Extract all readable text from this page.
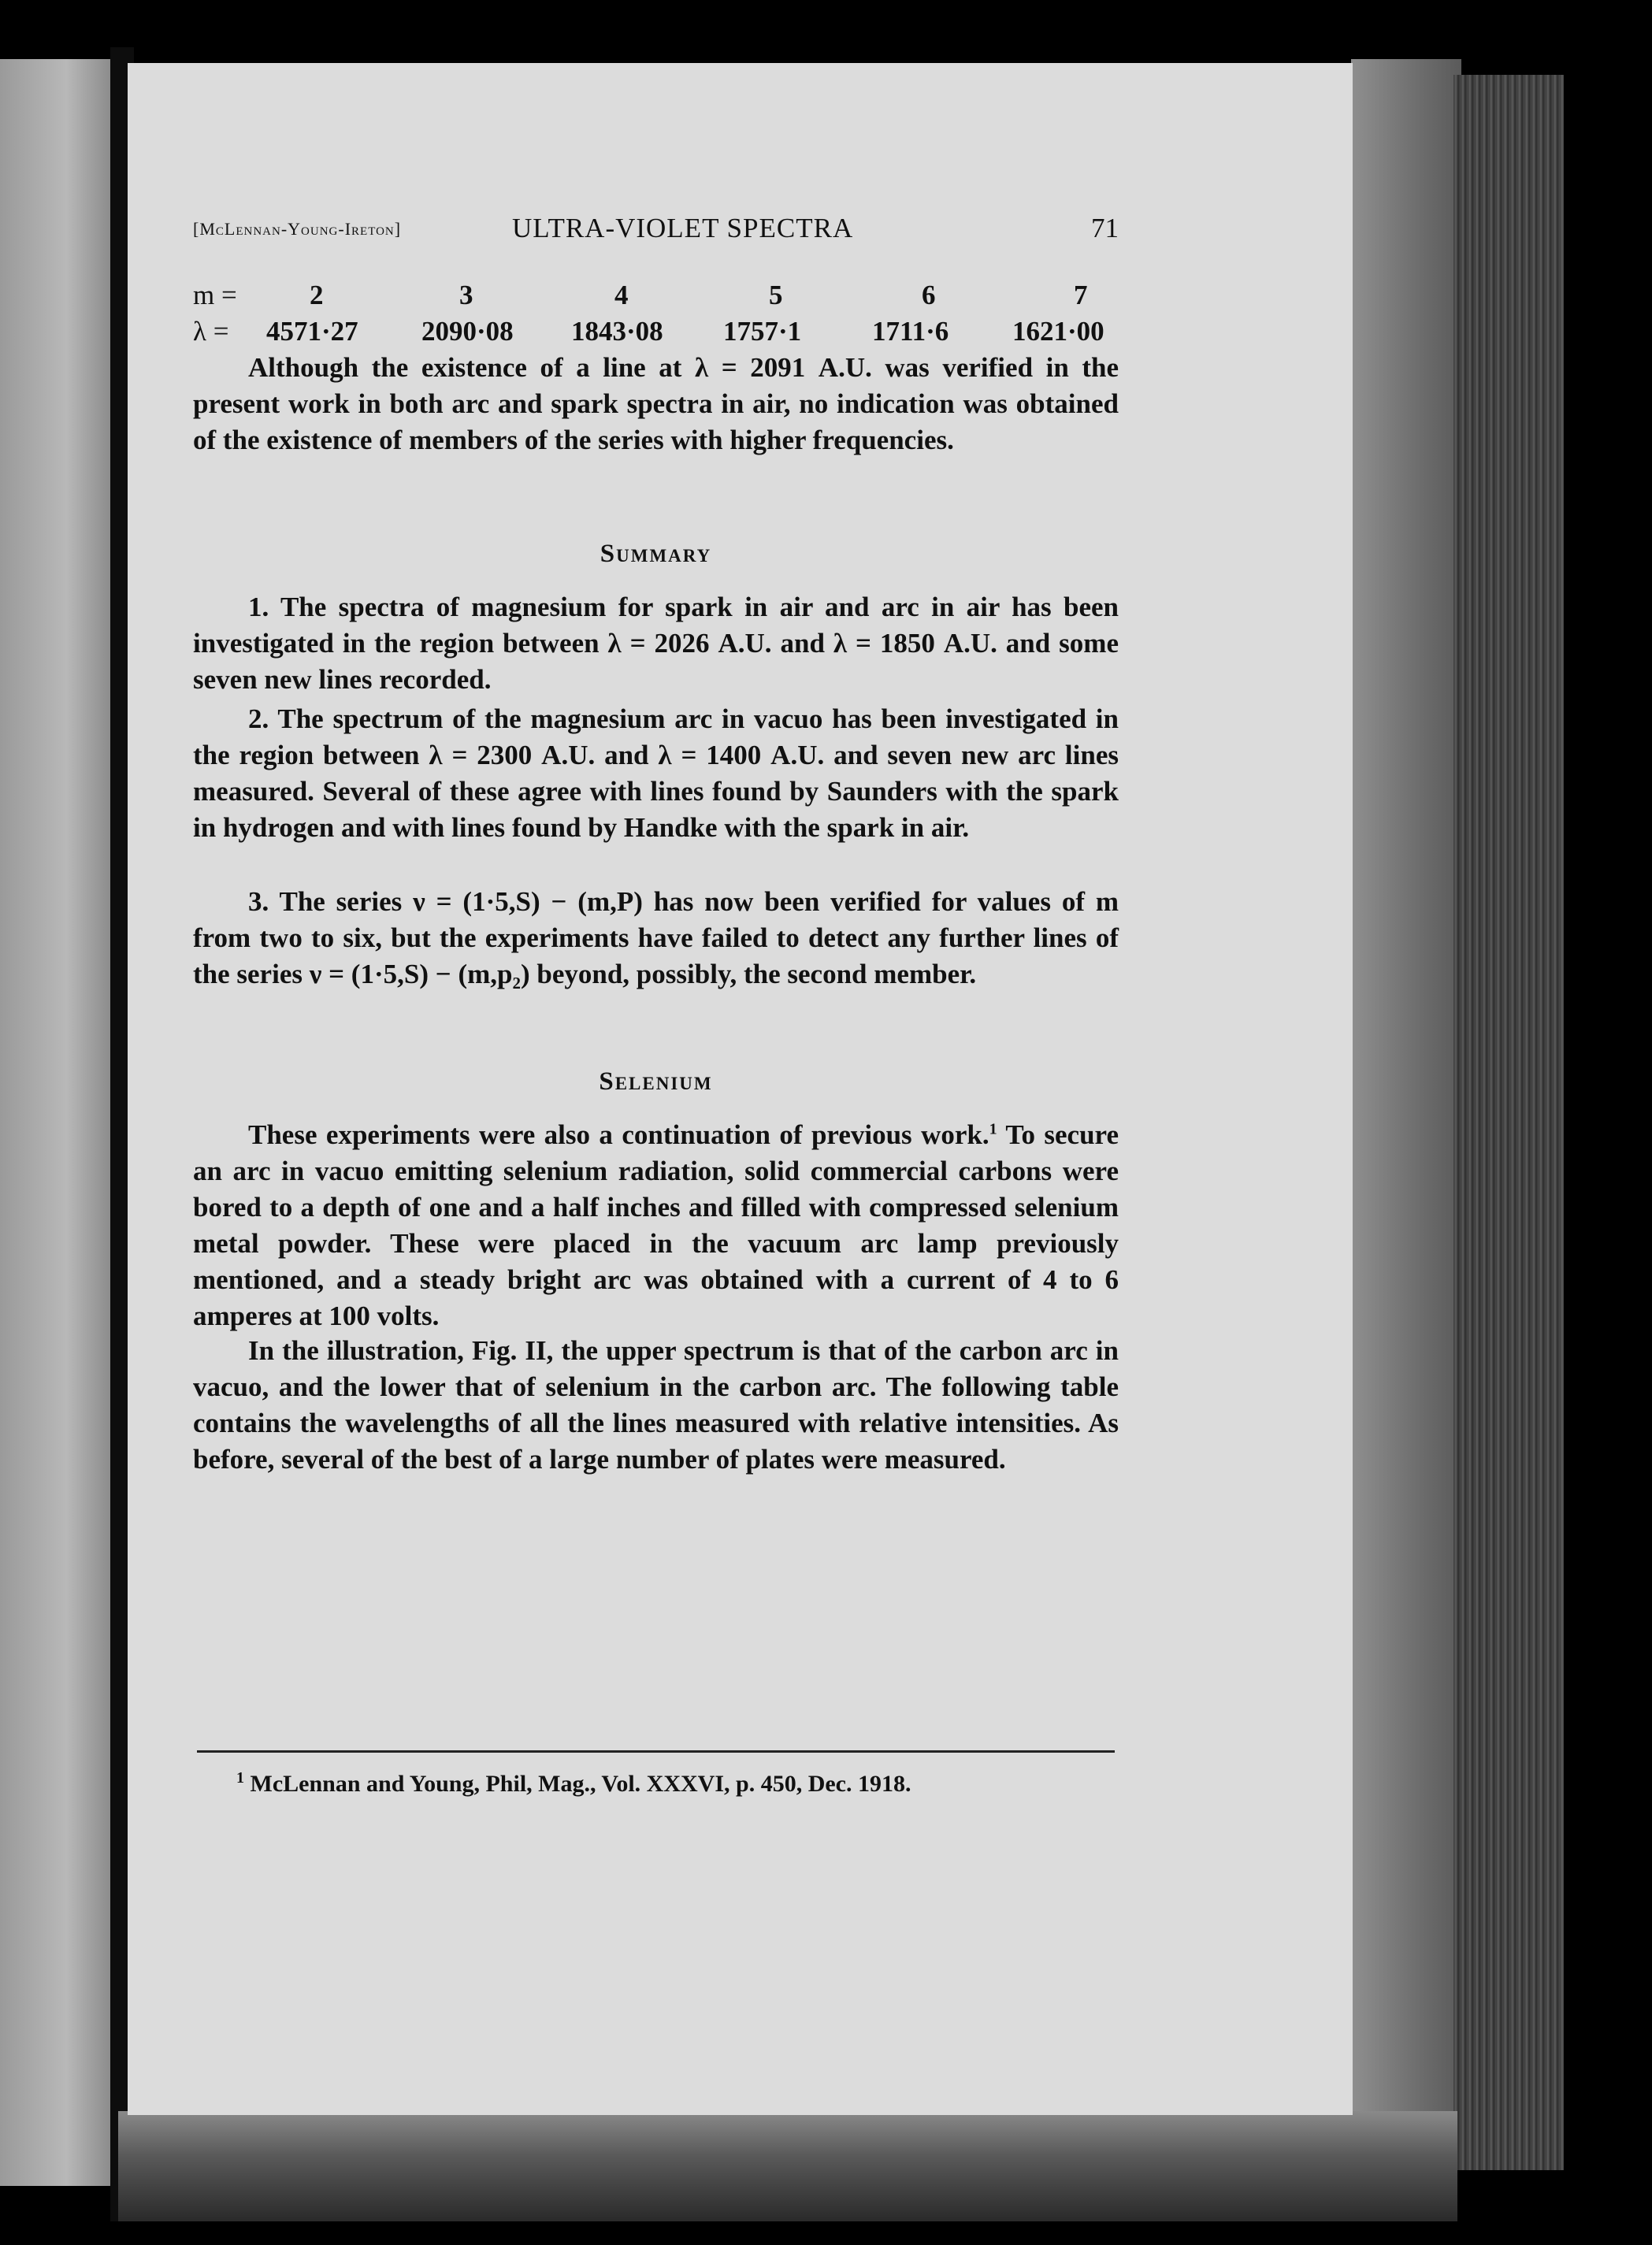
[McLennan-Young-Ireton]	ULTRA-VIOLET SPECTRA	71
m =	2	3	4	5	6	7
λ = 4571·27 2090·08 1843·08 1757·1	1711·6 1621·00

Although the existence of a line at λ = 2091 A.U. was verified in the present work in both arc and spark spectra in air, no indication was obtained of the existence of members of the series with higher frequencies.

Summary

1. The spectra of magnesium for spark in air and arc in air has been investigated in the region between λ = 2026 A.U. and λ = 1850 A.U. and some seven new lines recorded.

2. The spectrum of the magnesium arc in vacuo has been investigated in the region between λ = 2300 A.U. and λ = 1400 A.U. and seven new arc lines measured. Several of these agree with lines found by Saunders with the spark in hydrogen and with lines found by Handke with the spark in air.

3. The series ν = (1·5,S) − (m,P) has now been verified for values of m from two to six, but the experiments have failed to detect any further lines of the series ν = (1·5,S) − (m,p₂) beyond, possibly, the second member.

Selenium

These experiments were also a continuation of previous work.$^1$ To secure an arc in vacuo emitting selenium radiation, solid commercial carbons were bored to a depth of one and a half inches and filled with compressed selenium metal powder. These were placed in the vacuum arc lamp previously mentioned, and a steady bright arc was obtained with a current of 4 to 6 amperes at 100 volts.

In the illustration, Fig. II, the upper spectrum is that of the carbon arc in vacuo, and the lower that of selenium in the carbon arc. The following table contains the wavelengths of all the lines measured with relative intensities. As before, several of the best of a large number of plates were measured.

$^1$ McLennan and Young, Phil, Mag., Vol. XXXVI, p. 450, Dec. 1918.
